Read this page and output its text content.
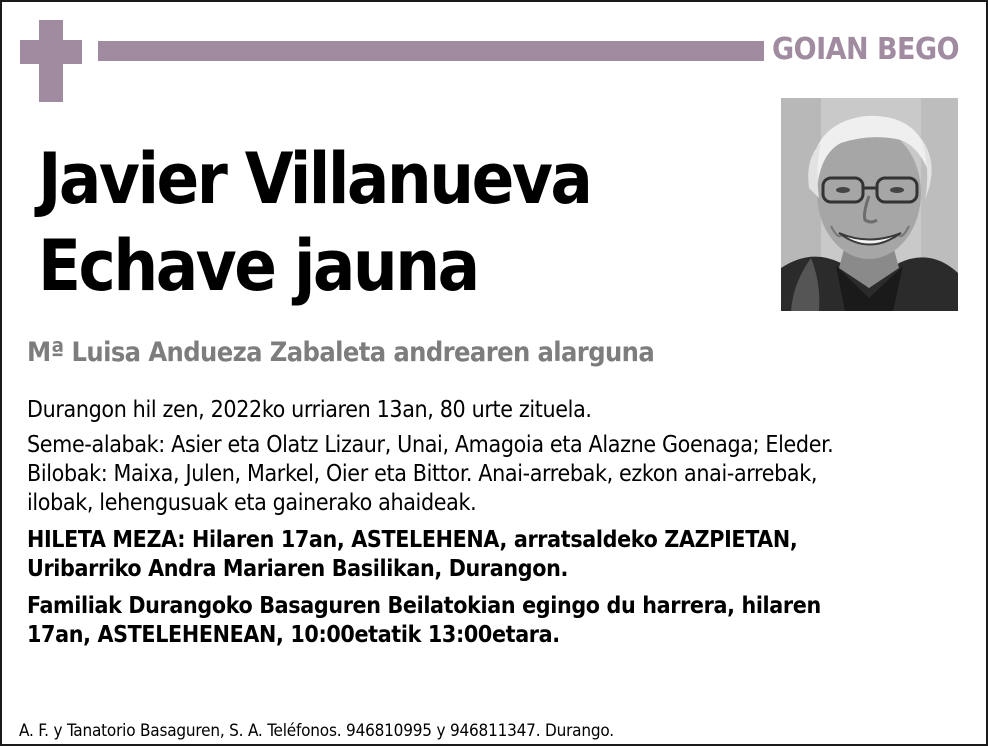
GOIAN BEGO
Javier Villanueva
Echave jauna

Mª Luisa Andueza Zabaleta andrearen alarguna

Durangon hil zen, 2022ko urriaren 13an, 80 urte zituela.

Seme-alabak: Asier eta Olatz Lizaur, Unai, Amagoia eta Alazne Goenaga; Eleder.
Bilobak: Maixa, Julen, Markel, Oier eta Bittor. Anai-arrebak, ezkon anai-arrebak,
ilobak, lehengusuak eta gainerako ahaideak.

HILETA MEZA: Hilaren 17an, ASTELEHENA, arratsaldeko ZAZPIETAN,
Uribarriko Andra Mariaren Basilikan, Durangon.

Familiak Durangoko Basaguren Beilatokian egingo du harrera, hilaren
17an, ASTELEHENEAN, 10:00etatik 13:00etara.

A. F. y Tanatorio Basaguren, S. A. Teléfonos. 946810995 y 946811347. Durango.
